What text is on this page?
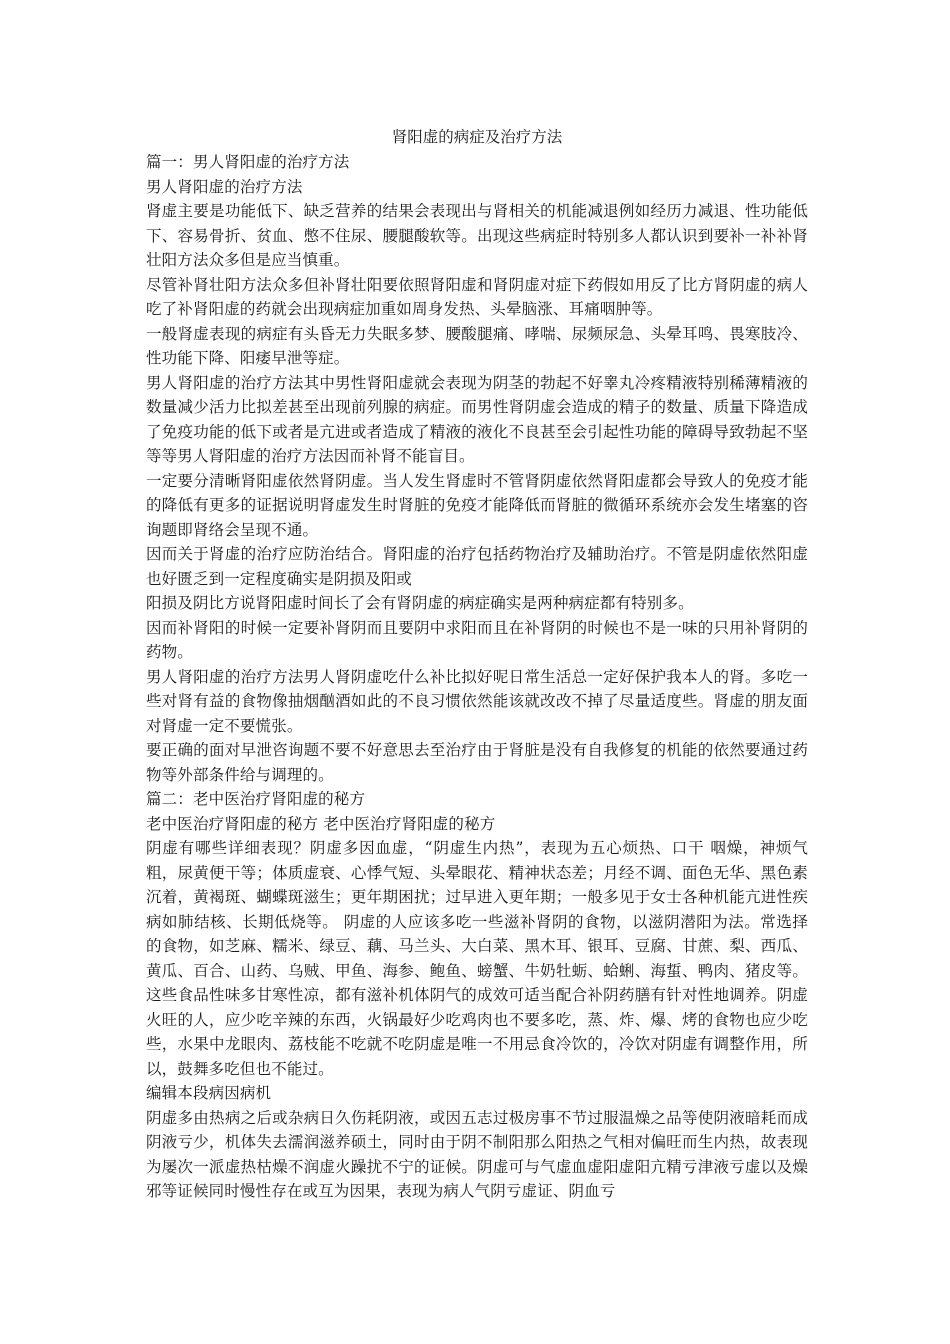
肾阳虚的病症及治疗方法

篇一：男人肾阳虚的治疗方法

男人肾阳虚的治疗方法

肾虚主要是功能低下、缺乏营养的结果会表现出与肾相关的机能减退例如经历力减退、性功能低下、容易骨折、贫血、憋不住尿、腰腿酸软等。出现这些病症时特别多人都认识到要补一补补肾壮阳方法众多但是应当慎重。

尽管补肾壮阳方法众多但补肾壮阳要依照肾阳虚和肾阴虚对症下药假如用反了比方肾阴虚的病人吃了补肾阳虚的药就会出现病症加重如周身发热、头晕脑涨、耳痛咽肿等。

一般肾虚表现的病症有头昏无力失眠多梦、腰酸腿痛、哮喘、尿频尿急、头晕耳鸣、畏寒肢冷、性功能下降、阳痿早泄等症。

男人肾阳虚的治疗方法其中男性肾阳虚就会表现为阴茎的勃起不好睾丸冷疼精液特别稀薄精液的数量减少活力比拟差甚至出现前列腺的病症。而男性肾阴虚会造成的精子的数量、质量下降造成了免疫功能的低下或者是亢进或者造成了精液的液化不良甚至会引起性功能的障碍导致勃起不坚等等男人肾阳虚的治疗方法因而补肾不能盲目。

一定要分清晰肾阳虚依然肾阴虚。当人发生肾虚时不管肾阴虚依然肾阳虚都会导致人的免疫才能的降低有更多的证据说明肾虚发生时肾脏的免疫才能降低而肾脏的微循环系统亦会发生堵塞的咨询题即肾络会呈现不通。

因而关于肾虚的治疗应防治结合。肾阳虚的治疗包括药物治疗及辅助治疗。不管是阴虚依然阳虚也好匮乏到一定程度确实是阴损及阳或

阳损及阴比方说肾阳虚时间长了会有肾阴虚的病症确实是两种病症都有特别多。

因而补肾阳的时候一定要补肾阴而且要阴中求阳而且在补肾阴的时候也不是一味的只用补肾阴的药物。

男人肾阳虚的治疗方法男人肾阴虚吃什么补比拟好呢日常生活总一定好保护我本人的肾。多吃一些对肾有益的食物像抽烟酗酒如此的不良习惯依然能该就改改不掉了尽量适度些。肾虚的朋友面对肾虚一定不要慌张。

要正确的面对早泄咨询题不要不好意思去至治疗由于肾脏是没有自我修复的机能的依然要通过药物等外部条件给与调理的。

篇二：老中医治疗肾阳虚的秘方

老中医治疗肾阳虚的秘方 老中医治疗肾阳虚的秘方

阴虚有哪些详细表现？阴虚多因血虚，“阴虚生内热”，表现为五心烦热、口干 咽燥，神烦气粗，尿黄便干等；体质虚衰、心悸气短、头晕眼花、精神状态差；月经不调、面色无华、黑色素沉着，黄褐斑、蝴蝶斑滋生；更年期困扰；过早进入更年期；一般多见于女士各种机能亢进性疾病如肺结核、长期低烧等。 阴虚的人应该多吃一些滋补肾阴的食物，以滋阴潜阳为法。常选择的食物，如芝麻、糯米、绿豆、藕、马兰头、大白菜、黑木耳、银耳、豆腐、甘蔗、梨、西瓜、黄瓜、百合、山药、乌贼、甲鱼、海参、鲍鱼、螃蟹、牛奶牡蛎、蛤蜊、海蜇、鸭肉、猪皮等。这些食品性味多甘寒性凉，都有滋补机体阴气的成效可适当配合补阴药膳有针对性地调养。阴虚火旺的人，应少吃辛辣的东西，火锅最好少吃鸡肉也不要多吃，蒸、炸、爆、烤的食物也应少吃些，水果中龙眼肉、荔枝能不吃就不吃阴虚是唯一不用忌食冷饮的，冷饮对阴虚有调整作用，所以，鼓舞多吃但也不能过。

编辑本段病因病机

阴虚多由热病之后或杂病日久伤耗阴液，或因五志过极房事不节过服温燥之品等使阴液暗耗而成阴液亏少，机体失去濡润滋养硕土，同时由于阴不制阳那么阳热之气相对偏旺而生内热，故表现为屡次一派虚热枯燥不润虚火躁扰不宁的证候。阴虚可与气虚血虚阳虚阳亢精亏津液亏虚以及燥邪等证候同时慢性存在或互为因果，表现为病人气阴亏虚证、阴血亏
